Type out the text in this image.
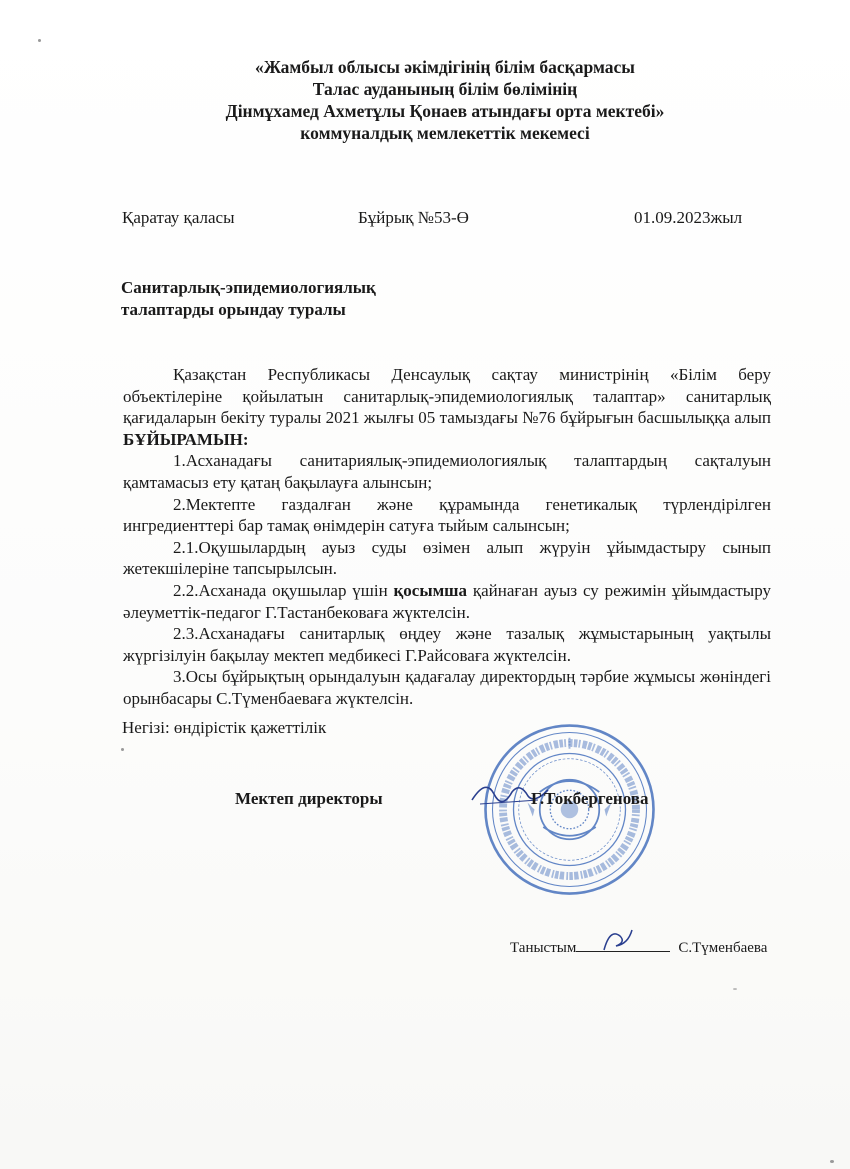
«Жамбыл облысы әкімдігінің білім басқармасы
Талас ауданының білім бөлімінің
Дінмұхамед Ахметұлы Қонаев атындағы орта мектебі»
коммуналдық мемлекеттік мекемесі
Қаратау қаласы	Бұйрық №53-Ө	01.09.2023жыл
Санитарлық-эпидемиологиялық
талаптарды орындау туралы

Қазақстан Республикасы Денсаулық сақтау министрінің «Білім беру объектілеріне қойылатын санитарлық-эпидемиологиялық талаптар» санитарлық қағидаларын бекіту туралы 2021 жылғы 05 тамыздағы №76 бұйрығын басшылыққа алып БҰЙЫРАМЫН:

1.Асханадағы санитариялық-эпидемиологиялық талаптардың сақталуын қамтамасыз ету қатаң бақылауға алынсын;

2.Мектепте газдалған және құрамында генетикалық түрлендірілген ингредиенттері бар тамақ өнімдерін сатуға тыйым салынсын;

2.1.Оқушылардың ауыз суды өзімен алып жүруін ұйымдастыру сынып жетекшілеріне тапсырылсын.

2.2.Асханада оқушылар үшін қосымша қайнаған ауыз су режимін ұйымдастыру әлеуметтік-педагог Г.Тастанбековаға жүктелсін.

2.3.Асханадағы санитарлық өңдеу және тазалық жұмыстарының уақтылы жүргізілуін бақылау мектеп медбикесі Г.Райсоваға жүктелсін.

3.Осы бұйрықтың орындалуын қадағалау директордың тәрбие жұмысы жөніндегі орынбасары С.Түменбаеваға жүктелсін.

Негізі: өндірістік қажеттілік
Мектеп директоры	Г.Токбергенова
Таныстым	С.Түменбаева
